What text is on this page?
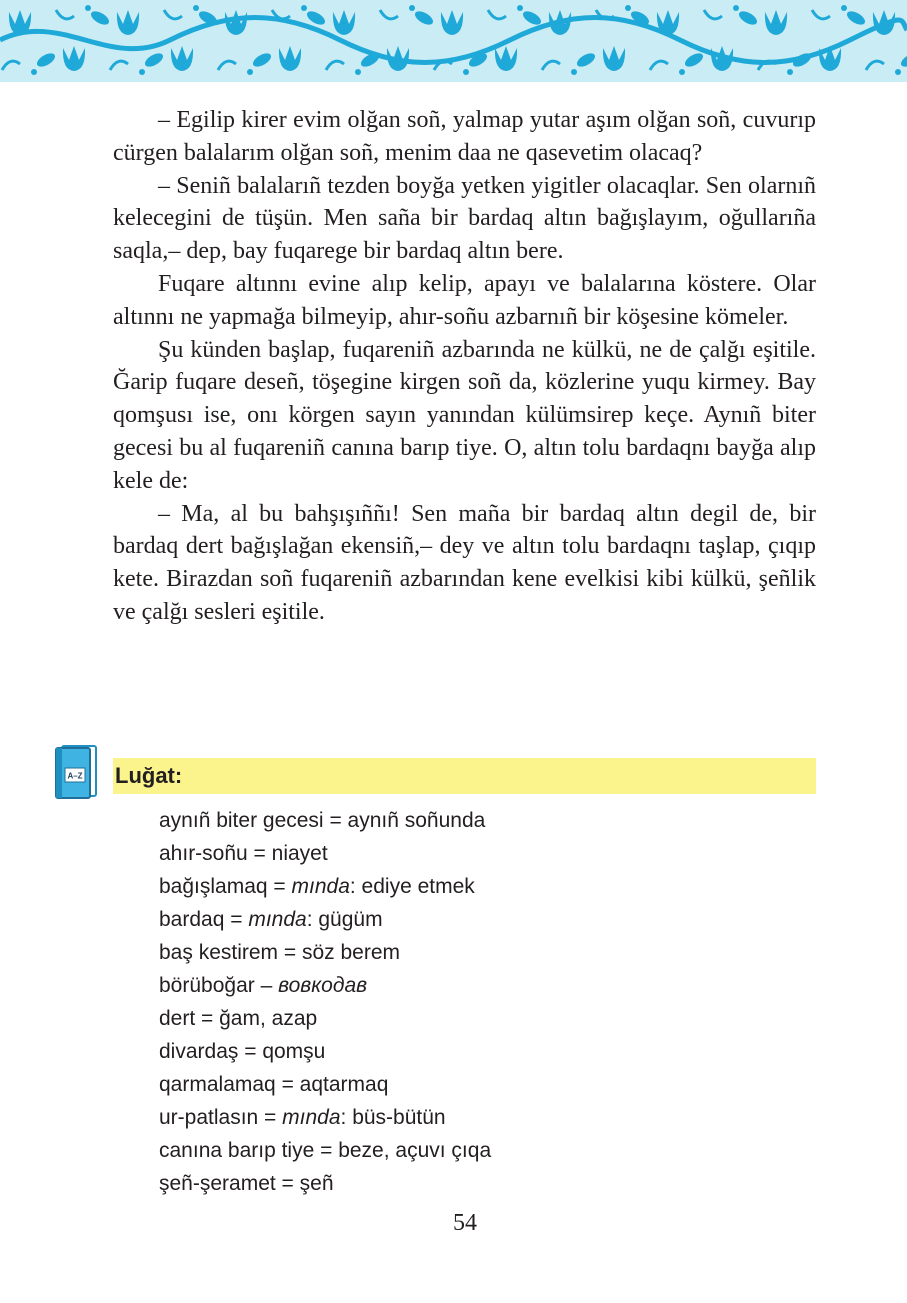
– Egilip kirer evim olğan soñ, yalmap yutar aşım olğan soñ, cuvurıp cürgen balalarım olğan soñ, menim daa ne qasevetim olacaq?

– Seniñ balalarıñ tezden boyğa yetken yigitler olacaqlar. Sen olarnıñ kelecegini de tüşün. Men saña bir bardaq altın bağışlayım, oğullarıña saqla,– dep, bay fuqarege bir bardaq altın bere.

Fuqare altınnı evine alıp kelip, apayı ve balalarına köstere. Olar altınnı ne yapmağa bilmeyip, ahır-soñu azbarnıñ bir köşesine kömeler.

Şu künden başlap, fuqareniñ azbarında ne külkü, ne de çalğı eşitile. Ğarip fuqare deseñ, töşegine kirgen soñ da, közlerine yuqu kirmey. Bay qomşusı ise, onı körgen sayın yanından külümsirep keçe. Aynıñ biter gecesi bu al fuqareniñ canına barıp tiye. O, altın tolu bardaqnı bayğa alıp kele de:

– Ma, al bu bahşışıññı! Sen maña bir bardaq altın degil de, bir bardaq dert bağışlağan ekensiñ,– dey ve altın tolu bardaqnı taşlap, çıqıp kete. Birazdan soñ fuqareniñ azbarından kene evelkisi kibi külkü, şeñlik ve çalğı sesleri eşitile.

A–Z Luğat:
aynıñ biter gecesi = aynıñ soñunda
ahır-soñu = niayet
bağışlamaq = mında: ediye etmek
bardaq = mında: gügüm
baş kestirem = söz berem
börüboğar – вовкодав
dert = ğam, azap
divardaş = qomşu
qarmalamaq = aqtarmaq
ur-patlasın = mında: büs-bütün
canına barıp tiye = beze, açuvı çıqa
şeñ-şeramet = şeñ
54
